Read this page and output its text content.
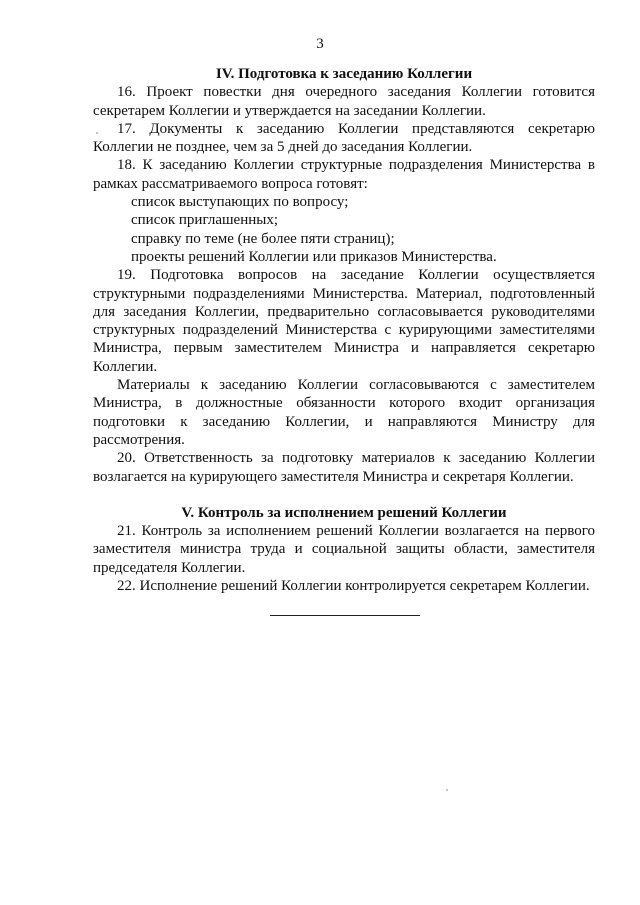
3

IV. Подготовка к заседанию Коллегии

16. Проект повестки дня очередного заседания Коллегии готовится секретарем Коллегии и утверждается на заседании Коллегии.

17. Документы к заседанию Коллегии представляются секретарю Коллегии не позднее, чем за 5 дней до заседания Коллегии.

18. К заседанию Коллегии структурные подразделения Министерства в рамках рассматриваемого вопроса готовят:

список выступающих по вопросу;

список приглашенных;

справку по теме (не более пяти страниц);

проекты решений Коллегии или приказов Министерства.

19. Подготовка вопросов на заседание Коллегии осуществляется структурными подразделениями Министерства. Материал, подготовленный для заседания Коллегии, предварительно согласовывается руководителями структурных подразделений Министерства с курирующими заместителями Министра, первым заместителем Министра и направляется секретарю Коллегии.

Материалы к заседанию Коллегии согласовываются с заместителем Министра, в должностные обязанности которого входит организация подготовки к заседанию Коллегии, и направляются Министру для рассмотрения.

20. Ответственность за подготовку материалов к заседанию Коллегии возлагается на курирующего заместителя Министра и секретаря Коллегии.

V. Контроль за исполнением решений Коллегии

21. Контроль за исполнением решений Коллегии возлагается на первого заместителя министра труда и социальной защиты области, заместителя председателя Коллегии.

22. Исполнение решений Коллегии контролируется секретарем Коллегии.
